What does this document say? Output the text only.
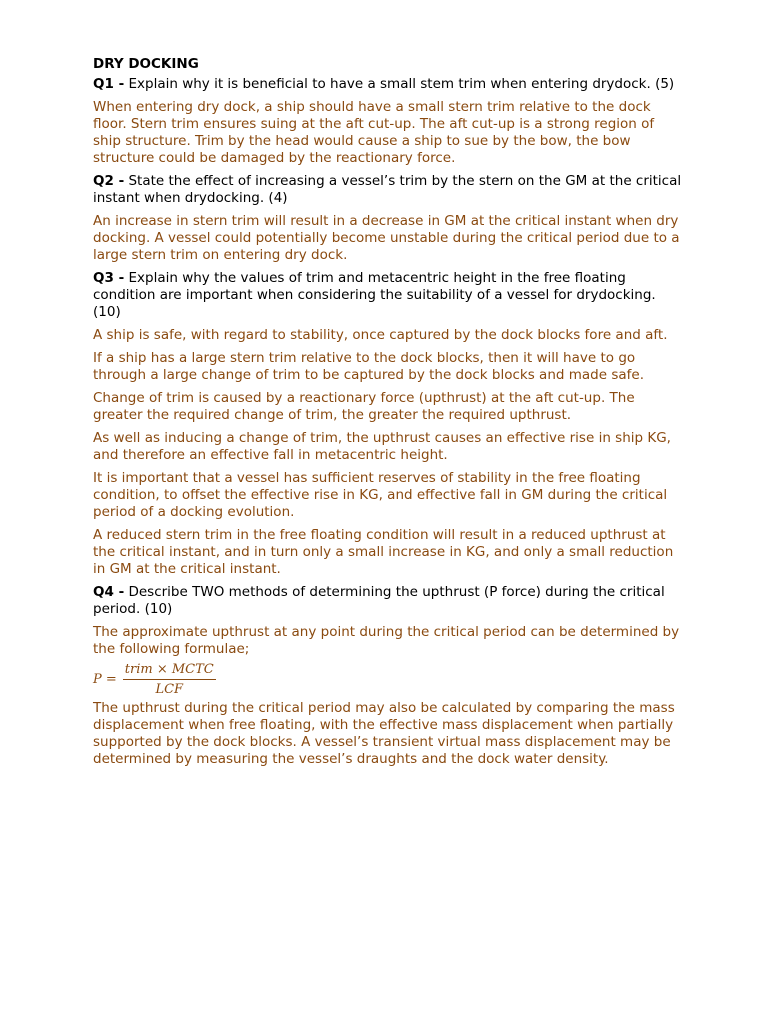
DRY DOCKING
Q1 - Explain why it is beneficial to have a small stem trim when entering drydock. (5)
When entering dry dock, a ship should have a small stern trim relative to the dock floor. Stern trim ensures suing at the aft cut-up. The aft cut-up is a strong region of ship structure. Trim by the head would cause a ship to sue by the bow, the bow structure could be damaged by the reactionary force.
Q2 - State the effect of increasing a vessel’s trim by the stern on the GM at the critical instant when drydocking. (4)
An increase in stern trim will result in a decrease in GM at the critical instant when dry docking. A vessel could potentially become unstable during the critical period due to a large stern trim on entering dry dock.
Q3 - Explain why the values of trim and metacentric height in the free floating condition are important when considering the suitability of a vessel for drydocking. (10)
A ship is safe, with regard to stability, once captured by the dock blocks fore and aft.
If a ship has a large stern trim relative to the dock blocks, then it will have to go through a large change of trim to be captured by the dock blocks and made safe.
Change of trim is caused by a reactionary force (upthrust) at the aft cut-up. The greater the required change of trim, the greater the required upthrust.
As well as inducing a change of trim, the upthrust causes an effective rise in ship KG, and therefore an effective fall in metacentric height.
It is important that a vessel has sufficient reserves of stability in the free floating condition, to offset the effective rise in KG, and effective fall in GM during the critical period of a docking evolution.
A reduced stern trim in the free floating condition will result in a reduced upthrust at the critical instant, and in turn only a small increase in KG, and only a small reduction in GM at the critical instant.
Q4 - Describe TWO methods of determining the upthrust (P force) during the critical period. (10)
The approximate upthrust at any point during the critical period can be determined by the following formulae;
$P = \frac{\text{trim × MCTC}}{\text{LCF}}$
The upthrust during the critical period may also be calculated by comparing the mass displacement when free floating, with the effective mass displacement when partially supported by the dock blocks. A vessel’s transient virtual mass displacement may be determined by measuring the vessel’s draughts and the dock water density.
